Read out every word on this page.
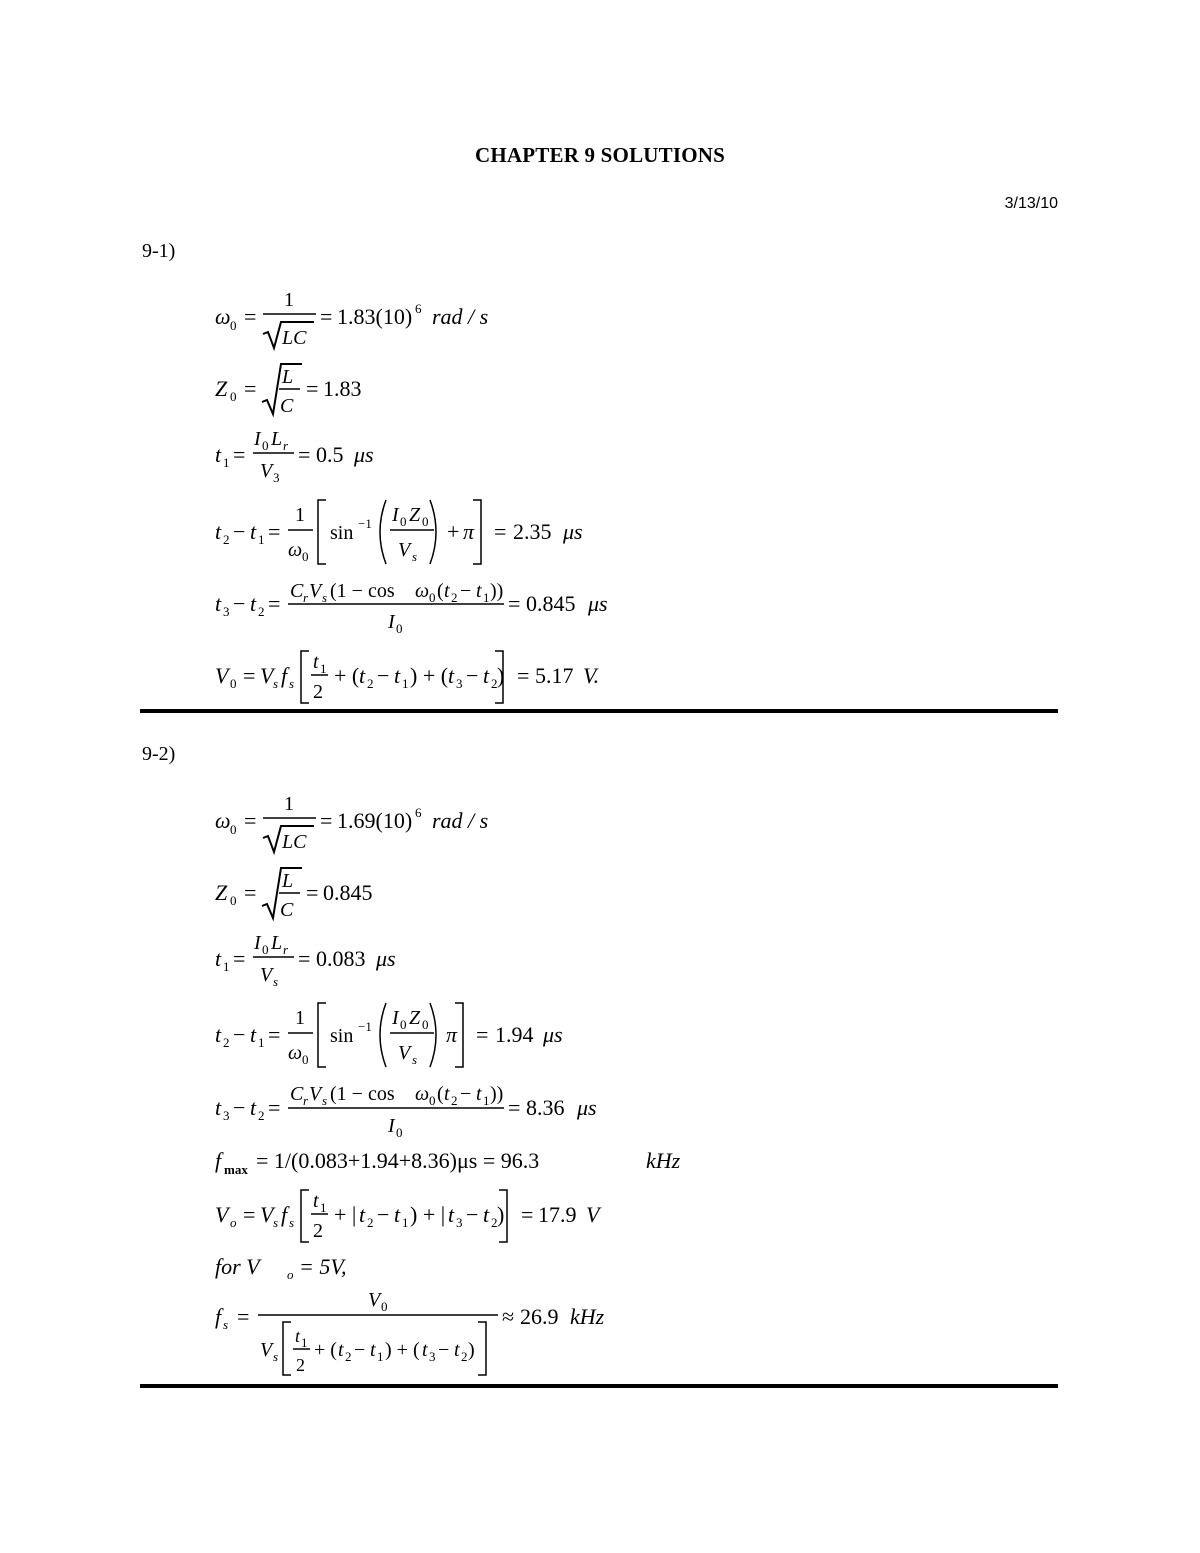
CHAPTER 9 SOLUTIONS
3/13/10
9-1)
ω 0 =
1
LC
= 1.83(10) 6 rad / s
Z 0 = L
C
= 1.83
t 1 =
I 0 L r
V 3
= 0.5 μs
t 2 − t 1 =
1
ω 0
sin −1 I 0 Z 0
V s
+ π = 2.35 μs
t 3 − t 2 = C r V s (1 − cos ω 0 ( t 2 − t 1 ))
I 0
= 0.845 μs
V 0 = V s f s
t 1
2
+ ( t 2 − t 1 ) + ( t 3 − t 2 ) = 5.17 V.
9-2)
ω 0 =
1
LC
= 1.69(10) 6 rad / s
Z 0 = L
C
= 0.845
t 1 =
I 0 L r
V s
= 0.083 μs
t 2 − t 1 =
1
ω 0
sin −1 I 0 Z 0
V s
π = 1.94 μs
t 3 − t 2 =
C r V s (1 − cos ω 0 ( t 2 − t 1 ))
I 0
= 8.36 μs
f max = 1/(0.083+1.94+8.36)μs = 96.3	kHz
V o = V s f s
t 1
2
+ | t 2 − t 1 ) + | t 3 − t 2 ) = 17.9 V
for V o = 5V,
f s =
V 0
V s
t 1
2
+ ( t 2 − t 1 ) + ( t 3 − t 2 )
≈ 26.9 kHz
